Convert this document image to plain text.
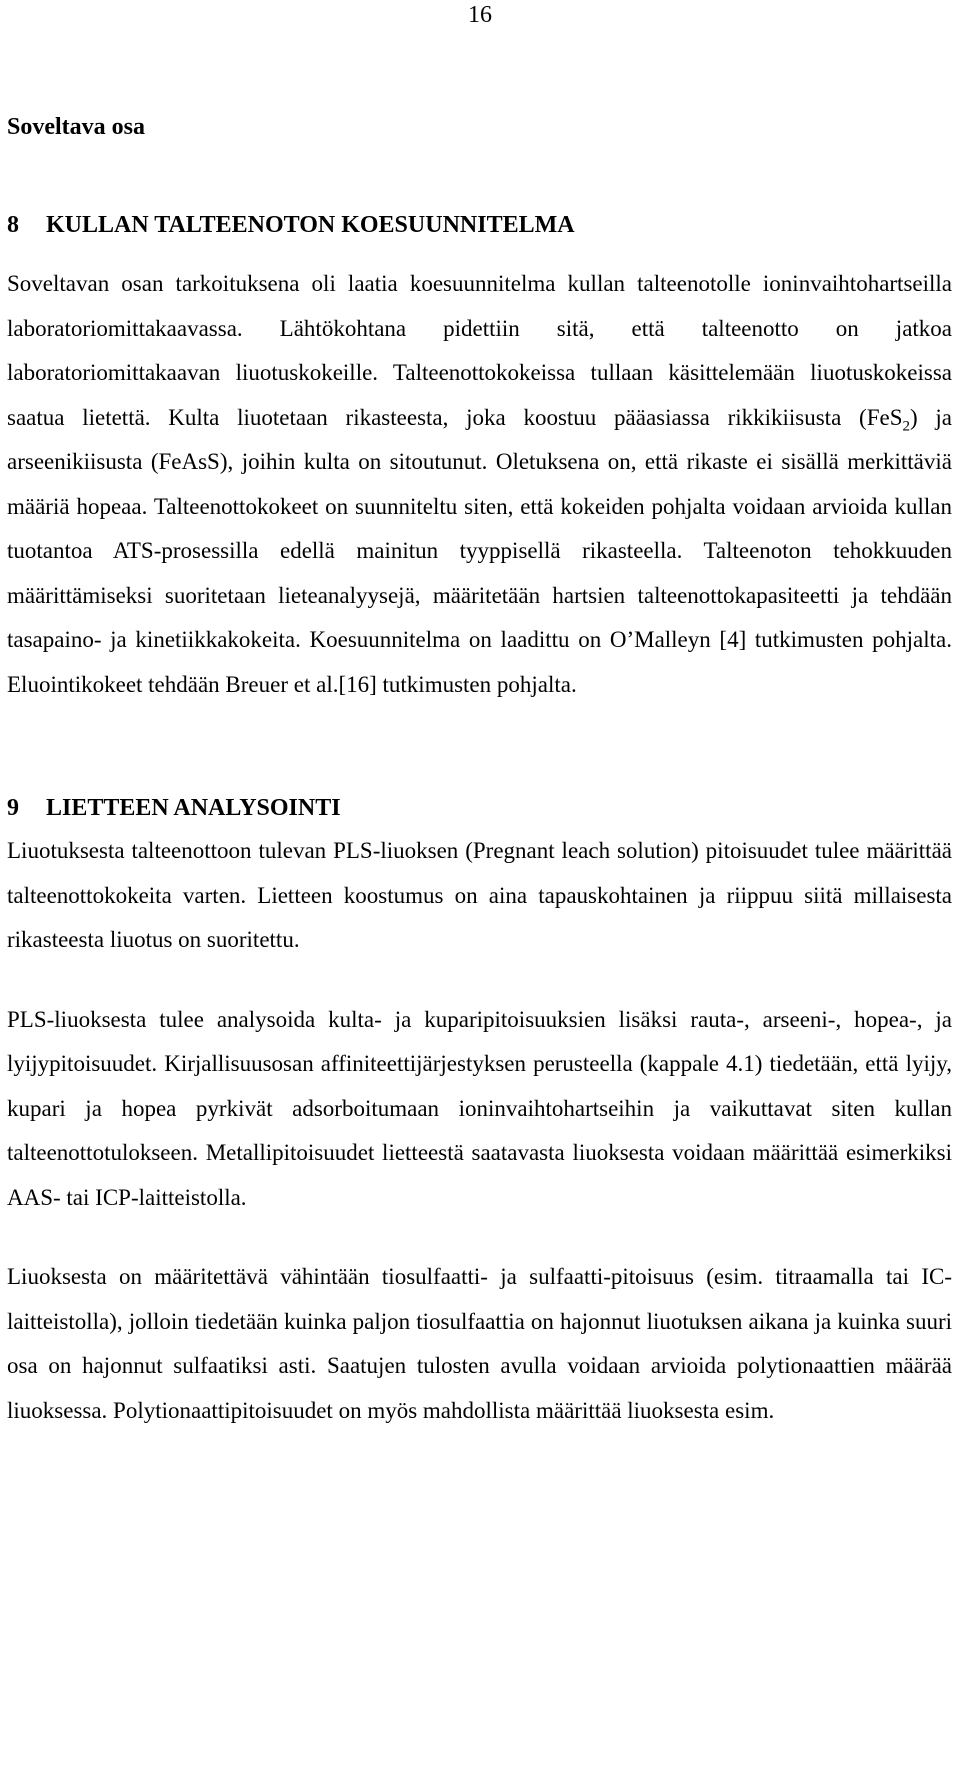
16
Soveltava osa
8 KULLAN TALTEENOTON KOESUUNNITELMA

Soveltavan osan tarkoituksena oli laatia koesuunnitelma kullan talteenotolle ioninvaihtohartseilla laboratoriomittakaavassa. Lähtökohtana pidettiin sitä, että talteenotto on jatkoa laboratoriomittakaavan liuotuskokeille. Talteenottokokeissa tullaan käsittelemään liuotuskokeissa saatua lietettä. Kulta liuotetaan rikasteesta, joka koostuu pääasiassa rikkikiisusta (FeS$_2$) ja arseenikiisusta (FeAsS), joihin kulta on sitoutunut. Oletuksena on, että rikaste ei sisällä merkittäviä määriä hopeaa. Talteenottokokeet on suunniteltu siten, että kokeiden pohjalta voidaan arvioida kullan tuotantoa ATS-prosessilla edellä mainitun tyyppisellä rikasteella. Talteenoton tehokkuuden määrittämiseksi suoritetaan lieteanalyysejä, määritetään hartsien talteenottokapasiteetti ja tehdään tasapaino- ja kinetiikkakokeita. Koesuunnitelma on laadittu on O’Malleyn [4] tutkimusten pohjalta. Eluointikokeet tehdään Breuer et al.[16] tutkimusten pohjalta.

9 LIETTEEN ANALYSOINTI

Liuotuksesta talteenottoon tulevan PLS-liuoksen (Pregnant leach solution) pitoisuudet tulee määrittää talteenottokokeita varten. Lietteen koostumus on aina tapauskohtainen ja riippuu siitä millaisesta rikasteesta liuotus on suoritettu.

PLS-liuoksesta tulee analysoida kulta- ja kuparipitoisuuksien lisäksi rauta-, arseeni-, hopea-, ja lyijypitoisuudet. Kirjallisuusosan affiniteettijärjestyksen perusteella (kappale 4.1) tiedetään, että lyijy, kupari ja hopea pyrkivät adsorboitumaan ioninvaihtohartseihin ja vaikuttavat siten kullan talteenottotulokseen. Metallipitoisuudet lietteestä saatavasta liuoksesta voidaan määrittää esimerkiksi AAS- tai ICP-laitteistolla.

Liuoksesta on määritettävä vähintään tiosulfaatti- ja sulfaatti-pitoisuus (esim. titraamalla tai IC-laitteistolla), jolloin tiedetään kuinka paljon tiosulfaattia on hajonnut liuotuksen aikana ja kuinka suuri osa on hajonnut sulfaatiksi asti. Saatujen tulosten avulla voidaan arvioida polytionaattien määrää liuoksessa. Polytionaattipitoisuudet on myös mahdollista määrittää liuoksesta esim.
